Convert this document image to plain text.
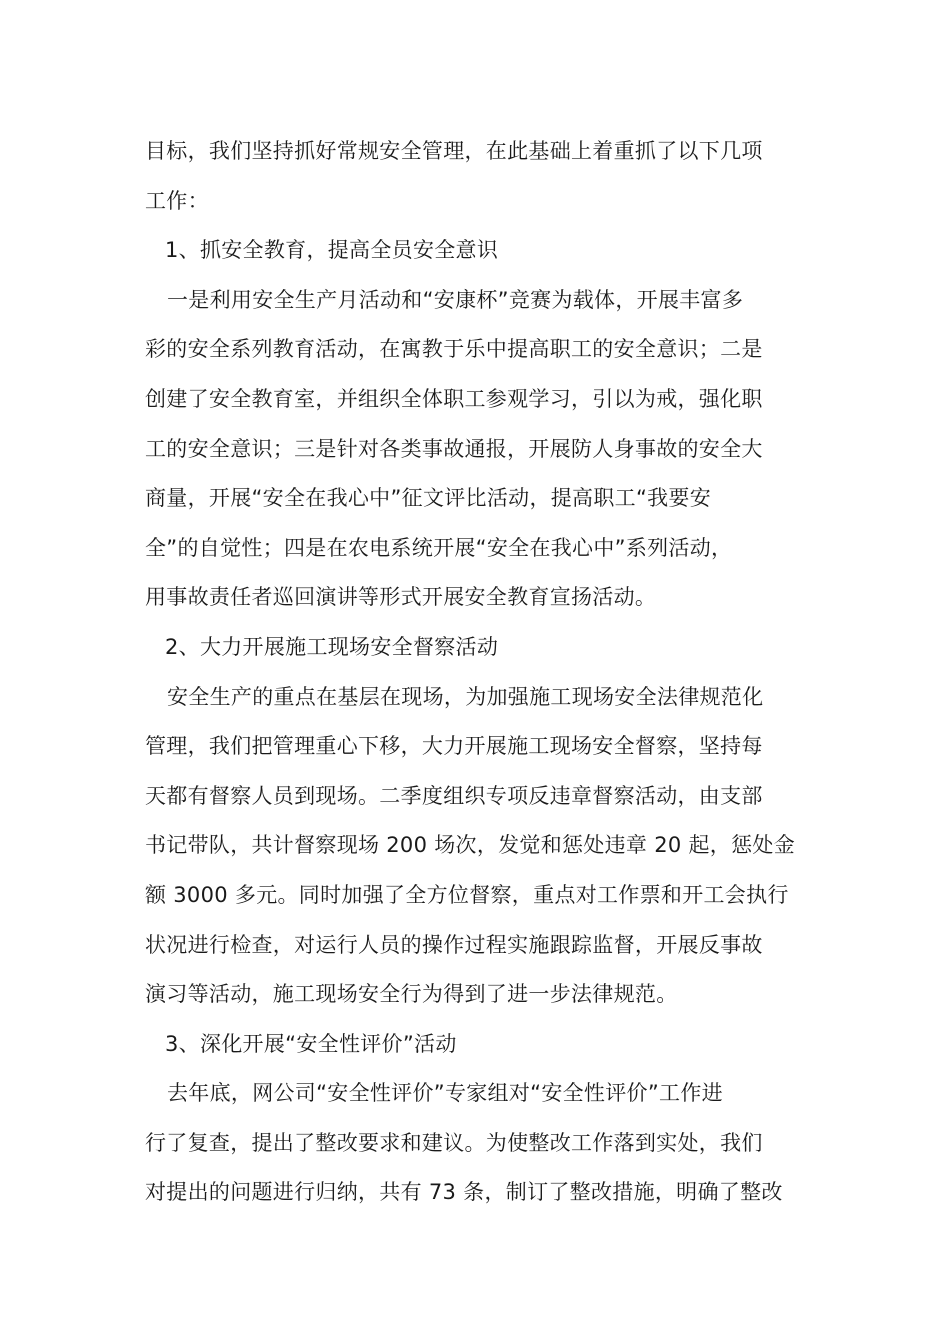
目标，我们坚持抓好常规安全管理，在此基础上着重抓了以下几项
工作：
1、抓安全教育，提高全员安全意识
一是利用安全生产月活动和“安康杯”竞赛为载体，开展丰富多
彩的安全系列教育活动，在寓教于乐中提高职工的安全意识；二是
创建了安全教育室，并组织全体职工参观学习，引以为戒，强化职
工的安全意识；三是针对各类事故通报，开展防人身事故的安全大
商量，开展“安全在我心中”征文评比活动，提高职工“我要安
全”的自觉性；四是在农电系统开展“安全在我心中”系列活动，
用事故责任者巡回演讲等形式开展安全教育宣扬活动。
2、大力开展施工现场安全督察活动
安全生产的重点在基层在现场，为加强施工现场安全法律规范化
管理，我们把管理重心下移，大力开展施工现场安全督察，坚持每
天都有督察人员到现场。二季度组织专项反违章督察活动，由支部
书记带队，共计督察现场 200 场次，发觉和惩处违章 20 起，惩处金
额 3000 多元。同时加强了全方位督察，重点对工作票和开工会执行
状况进行检查，对运行人员的操作过程实施跟踪监督，开展反事故
演习等活动，施工现场安全行为得到了进一步法律规范。
3、深化开展“安全性评价”活动
去年底，网公司“安全性评价”专家组对“安全性评价”工作进
行了复查，提出了整改要求和建议。为使整改工作落到实处，我们
对提出的问题进行归纳，共有 73 条，制订了整改措施，明确了整改
